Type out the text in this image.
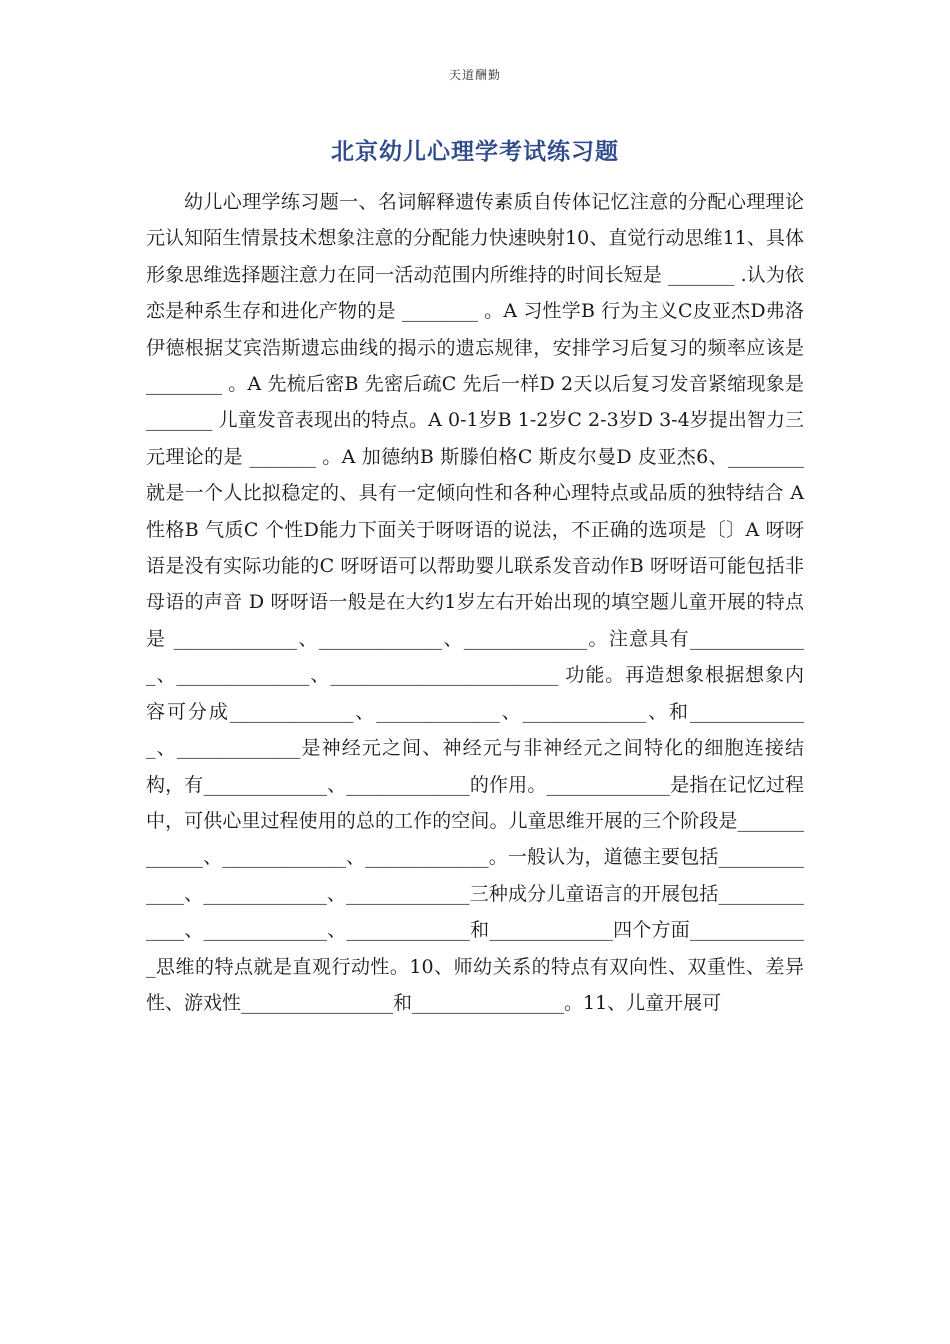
天道酬勤
北京幼儿心理学考试练习题

幼儿心理学练习题一、名词解释遗传素质自传体记忆注意的分配心理理论元认知陌生情景技术想象注意的分配能力快速映射10、直觉行动思维11、具体形象思维选择题注意力在同一活动范围内所维持的时间长短是 _______ .认为依恋是种系生存和进化产物的是 ________ 。A 习性学B 行为主义C皮亚杰D弗洛伊德根据艾宾浩斯遗忘曲线的揭示的遗忘规律，安排学习后复习的频率应该是 ________ 。A 先梳后密B 先密后疏C 先后一样D 2天以后复习发音紧缩现象是 _______ 儿童发音表现出的特点。A 0-1岁B 1-2岁C 2-3岁D 3-4岁提出智力三元理论的是 _______ 。A 加德纳B 斯滕伯格C 斯皮尔曼D 皮亚杰6、________ 就是一个人比拟稳定的、具有一定倾向性和各种心理特点或品质的独特结合 A 性格B 气质C 个性D能力下面关于呀呀语的说法，不正确的选项是〔〕A 呀呀语是没有实际功能的C 呀呀语可以帮助婴儿联系发音动作B 呀呀语可能包括非母语的声音 D 呀呀语一般是在大约1岁左右开始出现的填空题儿童开展的特点是 _____________、_____________、_____________。注意具有_____________、______________、________________________ 功能。再造想象根据想象内容可分成_____________、_____________、_____________、和_____________、_____________是神经元之间、神经元与非神经元之间特化的细胞连接结构，有_____________、_____________的作用。_____________是指在记忆过程中，可供心里过程使用的总的工作的空间。儿童思维开展的三个阶段是_____________、_____________、_____________。一般认为，道德主要包括_____________、_____________、_____________三种成分儿童语言的开展包括_____________、_____________、_____________和_____________四个方面_____________思维的特点就是直观行动性。10、师幼关系的特点有双向性、双重性、差异性、游戏性________________和________________。11、儿童开展可
